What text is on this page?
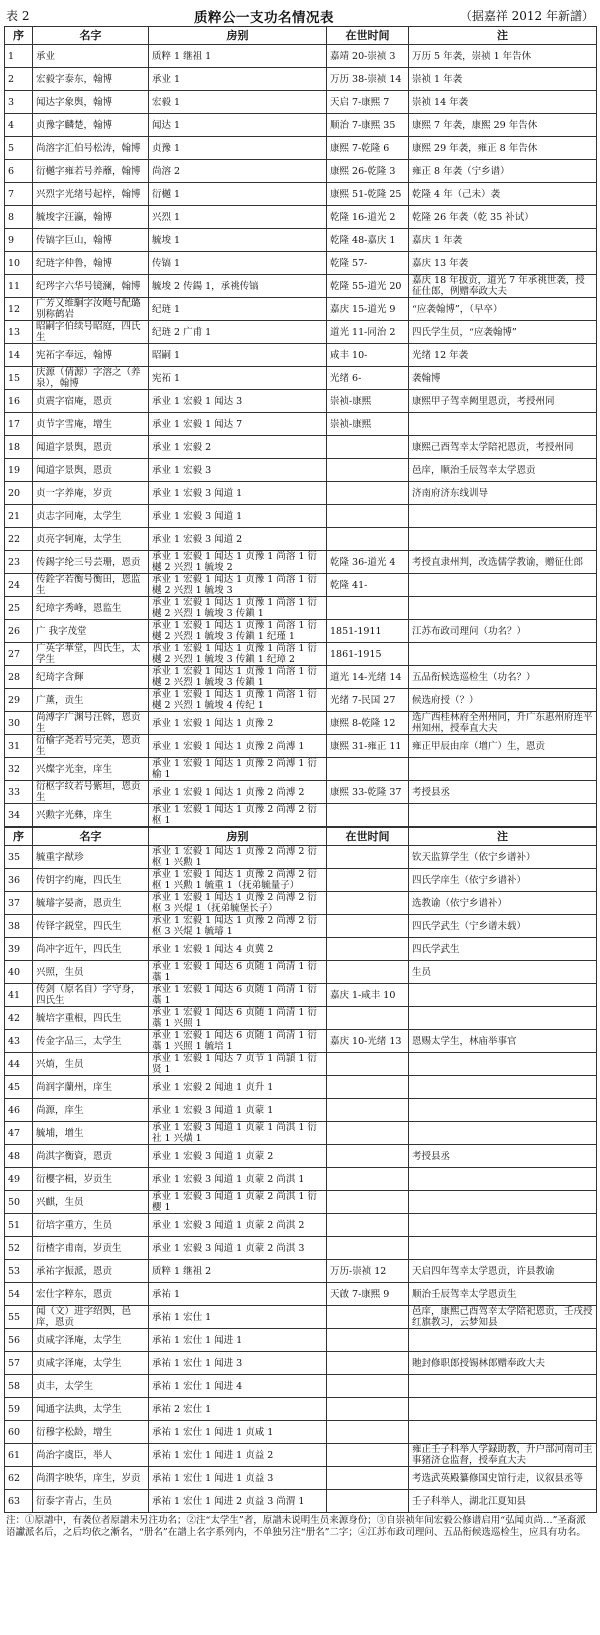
表 2	质粹公一支功名情况表	（据嘉祥 2012 年新譜）
序	名字	房别	在世时间	注
1	承业	质粹 1 继祖 1	嘉靖 20-崇祯 3	万历 5 年袭，崇祯 1 年告休
2	宏毅字泰东，翰博	承业 1	万历 38-崇祯 14	崇祯 1 年袭
3	闻达字象舆，翰博	宏毅 1	天启 7-康熙 7	崇祯 14 年袭
4	贞豫字麟楚，翰博	闻达 1	顺治 7-康熙 35	康熙 7 年袭，康熙 29 年告休
5	尚溶字汇伯号松涛，翰博	贞豫 1	康熙 7-乾隆 6	康熙 29 年袭，雍正 8 年告休
6	衍樾字雍若号养蘼，翰博	尚溶 2	康熙 26-乾隆 3	雍正 8 年袭（宁乡谱）
7	兴烈字光绪号起梓，翰博	衍樾 1	康熙 51-乾隆 25	乾隆 4 年（己未）袭
8	毓埈字汪瀛，翰博	兴烈 1	乾隆 16-道光 2	乾隆 26 年袭（乾 35 补试）
9	传镐字巨山，翰博	毓埈 1	乾隆 48-嘉庆 1	嘉庆 1 年袭
10	纪琏字仲鲁，翰博	传镐 1	乾隆 57-	嘉庆 13 年袭
11	纪琌字六华号镜澜，翰博	毓埈 2 传鍚 1，承祧传镐	乾隆 55-道光 20	嘉庆 18 年拔贡，道光 7 年承祧世袭，授征仕郎，例赠奉政大夫
12	广芳又维駉字汝飏号配璐别称鹤岩	纪琏 1	嘉庆 15-道光 9	“应袭翰博”，（早卒）
13	昭嗣字伯续号昭庭，四氏生	纪琏 2 广甫 1	道光 11-同治 2	四氏学生员，“应袭翰博”
14	宪祏字奉远，翰博	昭嗣 1	咸丰 10-	光绪 12 年袭
15	庆源（倩源）字溶之（养泉），翰博	宪祏 1	光绪 6-	袭翰博
16	贞震字宿庵，恩贡	承业 1 宏毅 1 闻达 3	崇祯-康熙	康熙甲子驾幸阙里恩贡，考授州同
17	贞节字雪庵，增生	承业 1 宏毅 1 闻达 7	崇祯-康熙	
18	闻道字景舆，恩贡	承业 1 宏毅 2		康熙己酉驾幸太学陪祀恩贡，考授州同
19	闻道字景舆，恩贡	承业 1 宏毅 3		邑庠，顺治壬辰驾幸太学恩贡
20	贞一字养庵，岁贡	承业 1 宏毅 3 闻道 1		济南府济东线训导
21	贞志字同庵，太学生	承业 1 宏毅 3 闻道 1		
22	贞亮字轲庵，太学生	承业 1 宏毅 3 闻道 2		
23	传錫字纶三号芸珊，恩贡	承业 1 宏毅 1 闻达 1 贞豫 1 尚溶 1 衍樾 2 兴烈 1 毓埈 2	乾隆 36-道光 4	考授直隶州判，改选儒学教谕，赠征仕郎
24	传銓字若衡号衡田，恩监生	承业 1 宏毅 1 闻达 1 贞豫 1 尚溶 1 衍樾 2 兴烈 1 毓埈 3	乾隆 41-	
25	纪璋字秀峰，恩监生	承业 1 宏毅 1 闻达 1 贞豫 1 尚溶 1 衍樾 2 兴烈 1 毓埈 3 传鎭 1		
26	广 我字茂堂	承业 1 宏毅 1 闻达 1 贞豫 1 尚溶 1 衍樾 2 兴烈 1 毓埈 3 传鎭 1 纪瑾 1	1851-1911	江苏布政司理问（功名？）
27	广英字華堂，四氏生，太学生	承业 1 宏毅 1 闻达 1 贞豫 1 尚溶 1 衍樾 2 兴烈 1 毓埈 3 传鎭 1 纪璋 2	1861-1915	
28	纪琦字含輝	承业 1 宏毅 1 闻达 1 贞豫 1 尚溶 1 衍樾 2 兴烈 1 毓埈 3 传鎭 1	道光 14-光绪 14	五品衔候选巡检生（功名？）
29	广薰，贡生	承业 1 宏毅 1 闻达 1 贞豫 1 尚溶 1 衍樾 2 兴烈 1 毓埈 4 传纪 1	光绪 7-民国 27	候选府授（？）
30	尚溥字广渊号汪斡，恩贡生	承业 1 宏毅 1 闻达 1 贞豫 2	康熙 8-乾隆 12	选广西桂林府全州州同，升广东惠州府连平州知州，授奉直大夫
31	衍榆字尧若号完美，恩贡生	承业 1 宏毅 1 闻达 1 贞豫 2 尚溥 1	康熙 31-雍正 11	雍正甲辰由庠（增广）生，恩贡
32	兴燦字光奎，庠生	承业 1 宏毅 1 闻达 1 贞豫 2 尚溥 1 衍榆 1		
33	衍枢字纹若号紫垣，恩贡生	承业 1 宏毅 1 闻达 1 贞豫 2 尚溥 2	康熙 33-乾隆 37	考授县丞
34	兴勲字光彝，庠生	承业 1 宏毅 1 闻达 1 贞豫 2 尚溥 2 衍枢 1		
序	名字	房别	在世时间	注
35	毓重字猷珍	承业 1 宏毅 1 闻达 1 贞豫 2 尚溥 2 衍枢 1 兴勲 1		钦天监算学生（依宁乡谱补）
36	传钥字约庵，四氏生	承业 1 宏毅 1 闻达 1 贞豫 2 尚溥 2 衍枢 1 兴勲 1 毓重 1（抚弟毓量子）		四氏学庠生（依宁乡谱补）
37	毓璿字晏斋，恩贡生	承业 1 宏毅 1 闻达 1 贞豫 2 尚溥 2 衍枢 3 兴焜 1（抚弟毓堡长子）		选教谕（依宁乡谱补）
38	传铎字鋭堂，四氏生	承业 1 宏毅 1 闻达 1 贞豫 2 尚溥 2 衍枢 3 兴焜 1 毓璿 1		四氏学武生（宁乡谱未载）
39	尚冲字近午，四氏生	承业 1 宏毅 1 闻达 4 贞冀 2		四氏学武生
40	兴照，生员	承业 1 宏毅 1 闻达 6 贞随 1 尚清 1 衍藁 1		生员
41	传剑（原名自）字守身，四氏生	承业 1 宏毅 1 闻达 6 贞随 1 尚清 1 衍藁 1	嘉庆 1-咸丰 10	
42	毓培字重根，四氏生	承业 1 宏毅 1 闻达 6 贞随 1 尚清 1 衍藁 1 兴照 1		
43	传金字品三，太学生	承业 1 宏毅 1 闻达 6 贞随 1 尚清 1 衍藁 1 兴照 1 毓培 1	嘉庆 10-光绪 13	恩赐太学生，林庙举事官
44	兴焴，生员	承业 1 宏毅 1 闻达 7 贞节 1 尚頴 1 衍贤 1		
45	尚润字蘭州，庠生	承业 1 宏毅 2 闻迪 1 贞升 1		
46	尚源，庠生	承业 1 宏毅 3 闻道 1 贞蒙 1		
47	毓埔，增生	承业 1 宏毅 3 闻道 1 贞蒙 1 尚淇 1 衍社 1 兴熿 1		
48	尚淇字衡資，恩贡	承业 1 宏毅 3 闻道 1 贞蒙 2		考授县丞
49	衍櫻字楫，岁贡生	承业 1 宏毅 3 闻道 1 贞蒙 2 尚淇 1		
50	兴麒，生员	承业 1 宏毅 3 闻道 1 贞蒙 2 尚淇 1 衍櫻 1		
51	衍培字重方，生员	承业 1 宏毅 3 闻道 1 贞蒙 2 尚淇 2		
52	衍楂字甫南，岁贡生	承业 1 宏毅 3 闻道 1 贞蒙 2 尚淇 3		
53	承祐字振派，恩贡	质粹 1 继祖 2	万历-崇祯 12	天启四年驾幸太学恩贡，许县教谕
54	宏仕字粹东，恩贡	承祐 1	天啟 7-康熙 9	顺治壬辰驾幸太学恩贡生
55	闻（文）进字绍舆，邑庠，恩贡	承祐 1 宏仕 1		邑庠，康熙己酉驾幸太学陪祀恩贡，壬戌授红旗教习，云梦知县
56	贞咸字泽庵，太学生	承祐 1 宏仕 1 闻进 1		
57	贞咸字泽庵，太学生	承祐 1 宏仕 1 闻进 3		貤封修职郎授锡林郎赠奉政大夫
58	贞丰，太学生	承祐 1 宏仕 1 闻进 4		
59	闻通字法典，太学生	承祐 2 宏仕 1		
60	衍穆字松龄，增生	承祐 1 宏仕 1 闻进 1 贞咸 1		
61	尚治字虞臣，举人	承祐 1 宏仕 1 闻进 1 贞益 2		雍正壬子科举人学録助教，升户部河南司主事猪济仓监督，授奉直大夫
62	尚渭字映华，庠生，岁贡	承祐 1 宏仕 1 闻进 1 贞益 3		考选武英殿纂修国史馆行走，议叙县丞等
63	衍泰字青占，生员	承祐 1 宏仕 1 闻进 2 贞益 3 尚渭 1		壬子科举人，湖北江夏知县
注：①原譜中，有袭位者原譜未另注功名；②注“太学生”者，原譜未说明生员来源身份；③自崇祯年间宏毅公修谱启用“弘闻贞尚…”圣裔派语讞派名后，之后均依之漸名，“册名”在譜上名字系列内，不单独另注“册名”二字；④江苏布政司理问、五品衔候选巡检生，应具有功名。
